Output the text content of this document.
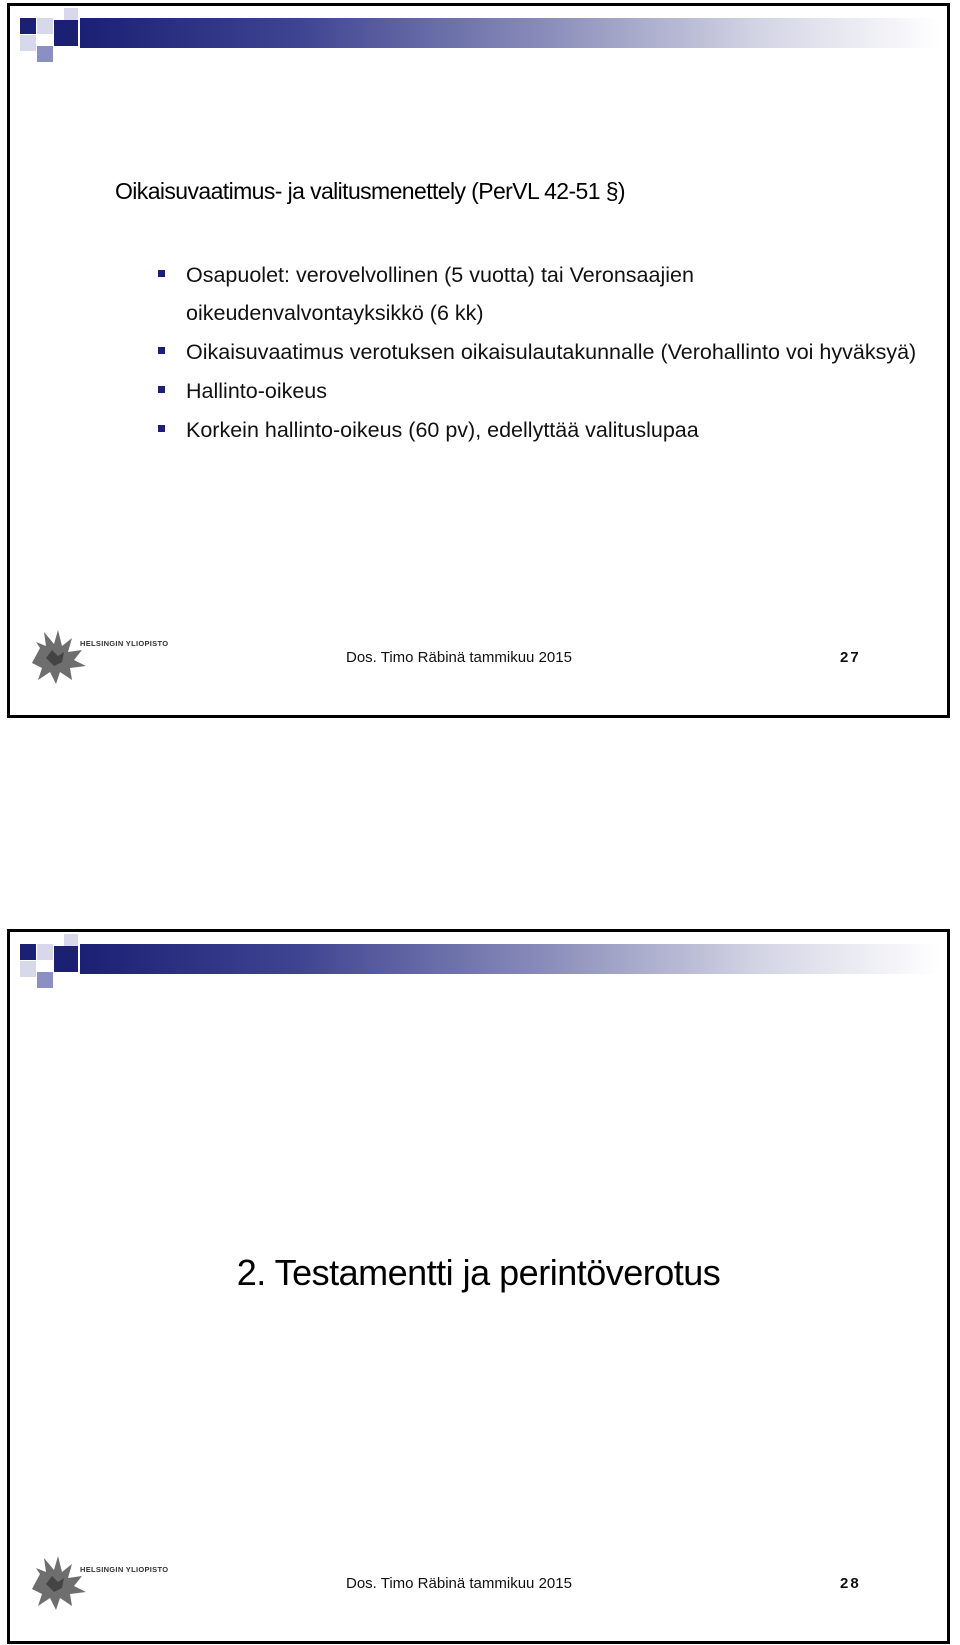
Oikaisuvaatimus- ja valitusmenettely (PerVL 42-51 §)
Osapuolet: verovelvollinen (5 vuotta) tai Veronsaajien oikeudenvalvontayksikkö (6 kk)
Oikaisuvaatimus verotuksen oikaisulautakunnalle (Verohallinto voi hyväksyä)
Hallinto-oikeus
Korkein hallinto-oikeus (60 pv), edellyttää valituslupaa
HELSINGIN YLIOPISTO
Dos. Timo Räbinä tammikuu 2015	27
2. Testamentti ja perintöverotus
HELSINGIN YLIOPISTO
Dos. Timo Räbinä tammikuu 2015	28
